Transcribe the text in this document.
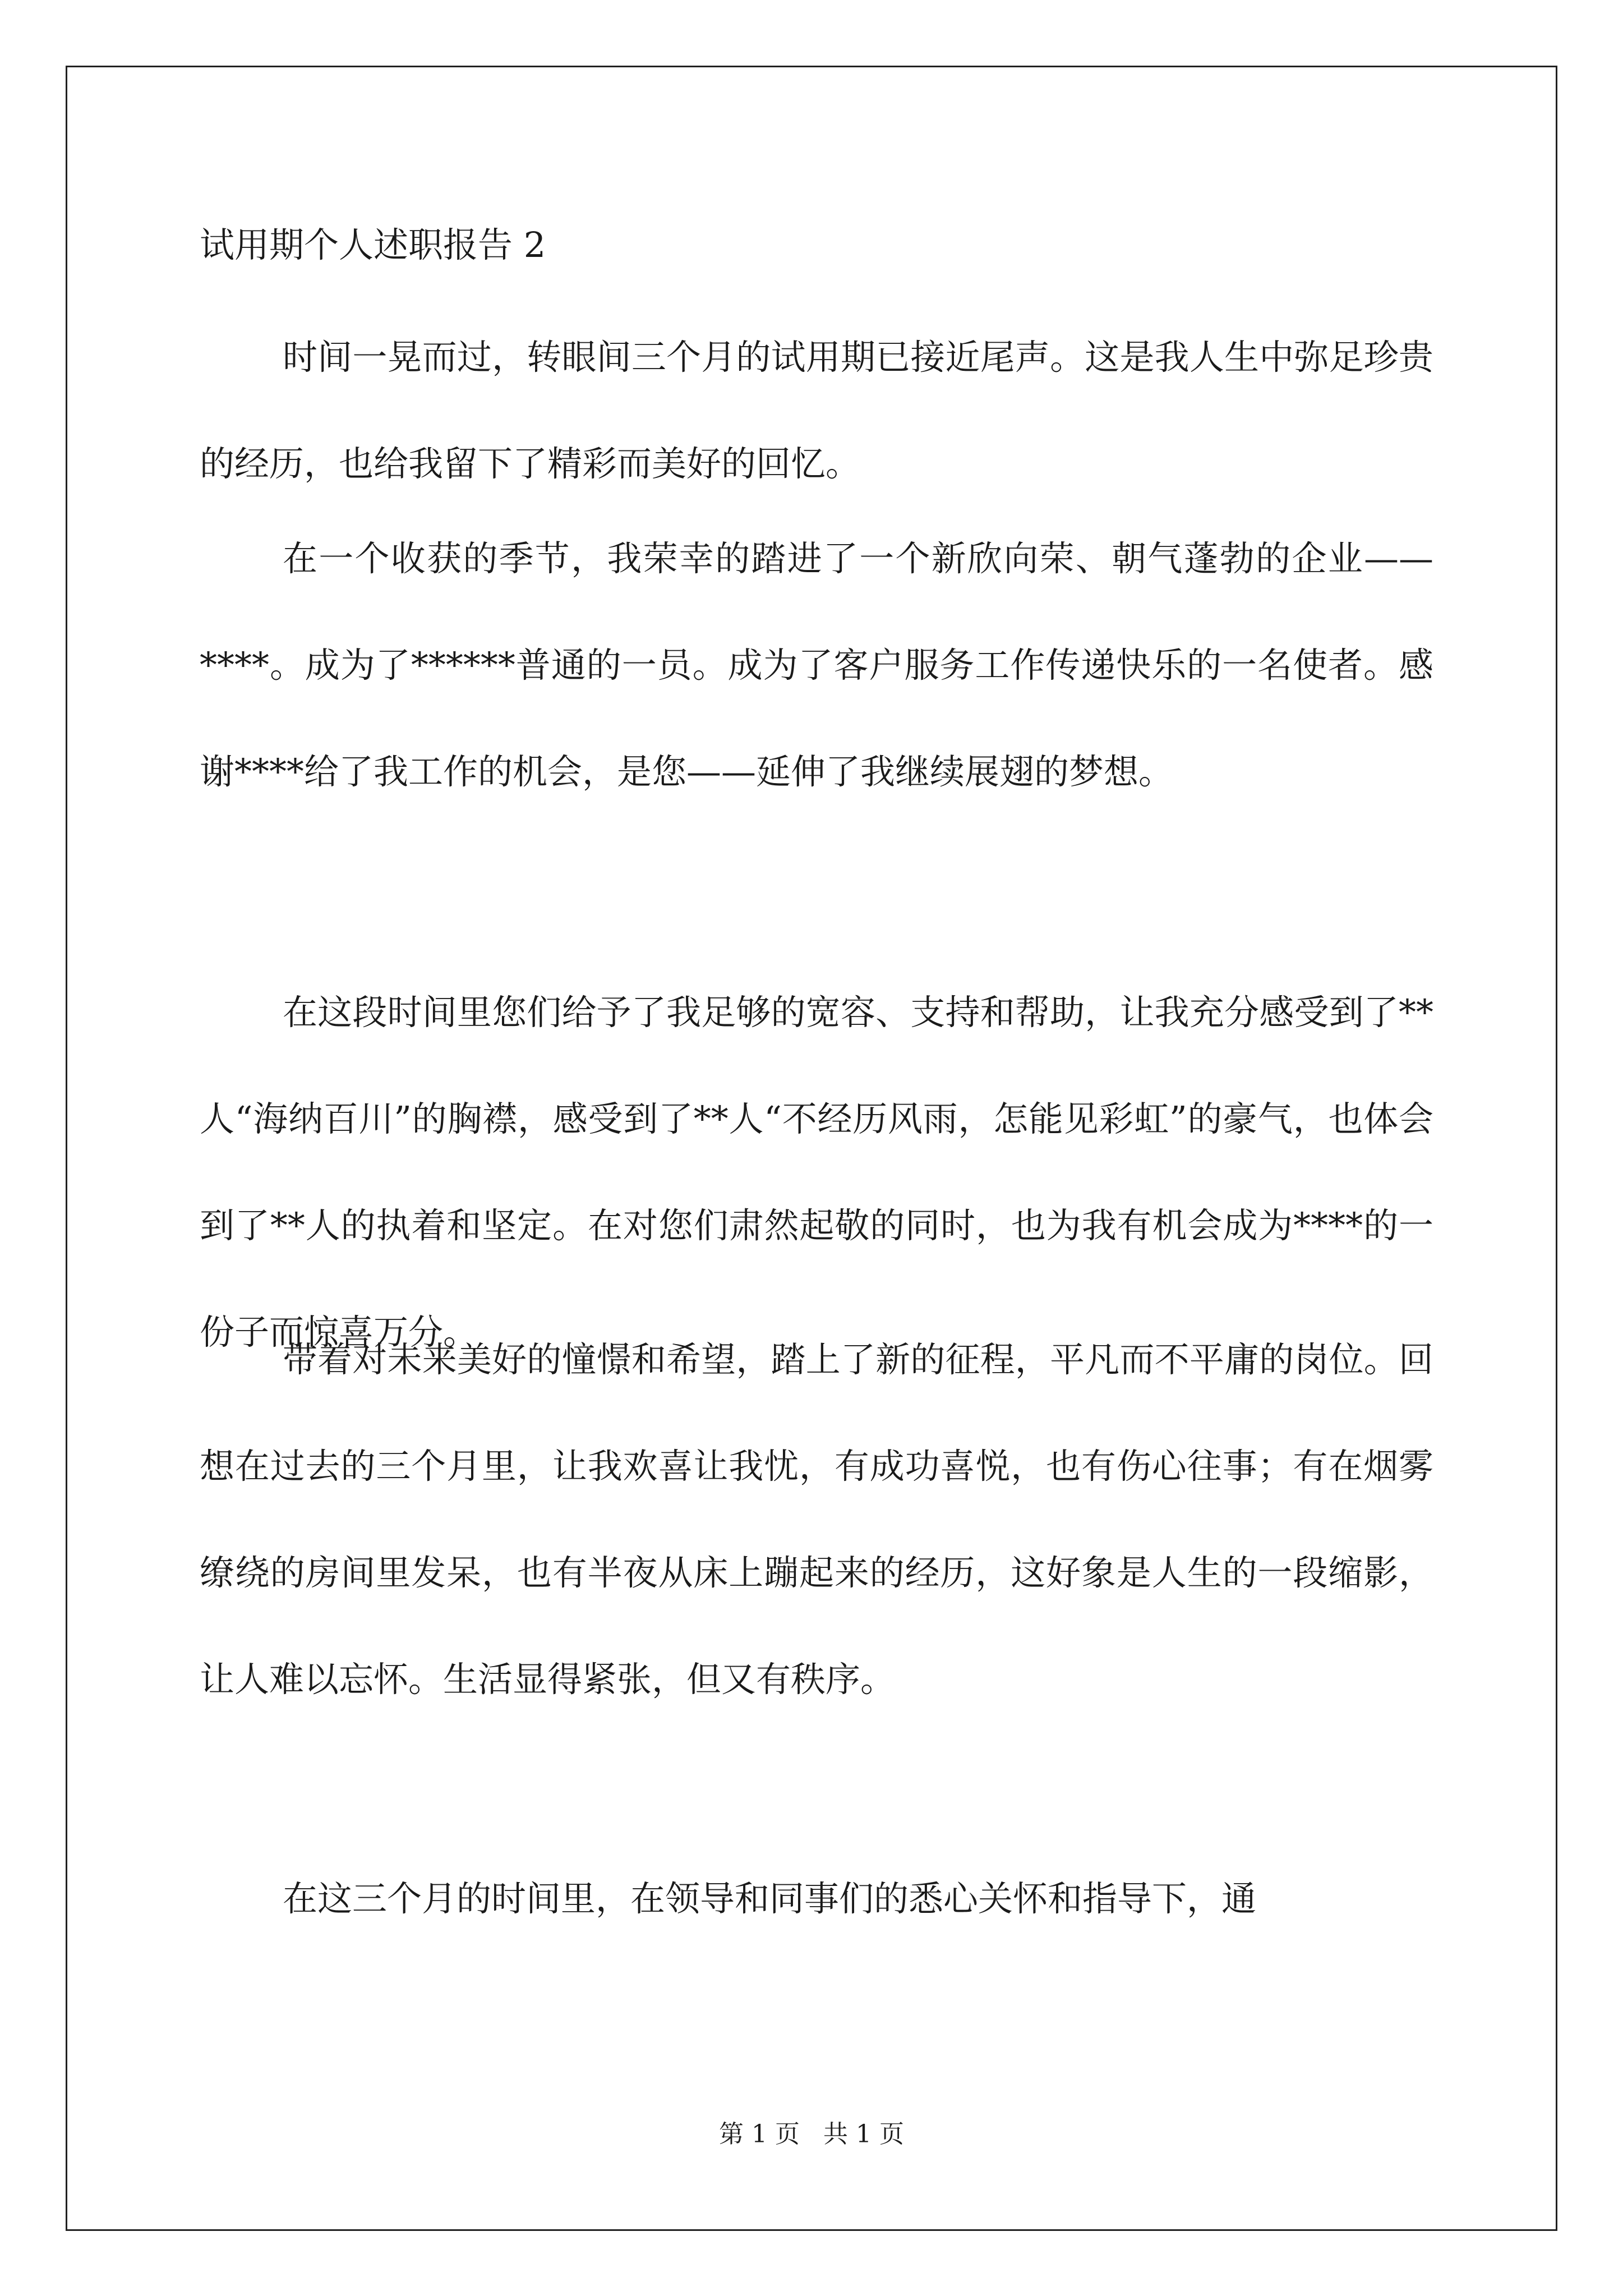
试用期个人述职报告 2

时间一晃而过，转眼间三个月的试用期已接近尾声。这是我人生中弥足珍贵的经历，也给我留下了精彩而美好的回忆。

在一个收获的季节，我荣幸的踏进了一个新欣向荣、朝气蓬勃的企业——****。成为了******普通的一员。成为了客户服务工作传递快乐的一名使者。感谢****给了我工作的机会，是您——延伸了我继续展翅的梦想。

在这段时间里您们给予了我足够的宽容、支持和帮助，让我充分感受到了**人“海纳百川”的胸襟，感受到了**人“不经历风雨，怎能见彩虹”的豪气，也体会到了**人的执着和坚定。在对您们肃然起敬的同时，也为我有机会成为****的一份子而惊喜万分。

带着对未来美好的憧憬和希望，踏上了新的征程，平凡而不平庸的岗位。回想在过去的三个月里，让我欢喜让我忧，有成功喜悦，也有伤心往事；有在烟雾缭绕的房间里发呆，也有半夜从床上蹦起来的经历，这好象是人生的一段缩影，让人难以忘怀。生活显得紧张，但又有秩序。

在这三个月的时间里，在领导和同事们的悉心关怀和指导下，通

第 1 页   共 1 页
